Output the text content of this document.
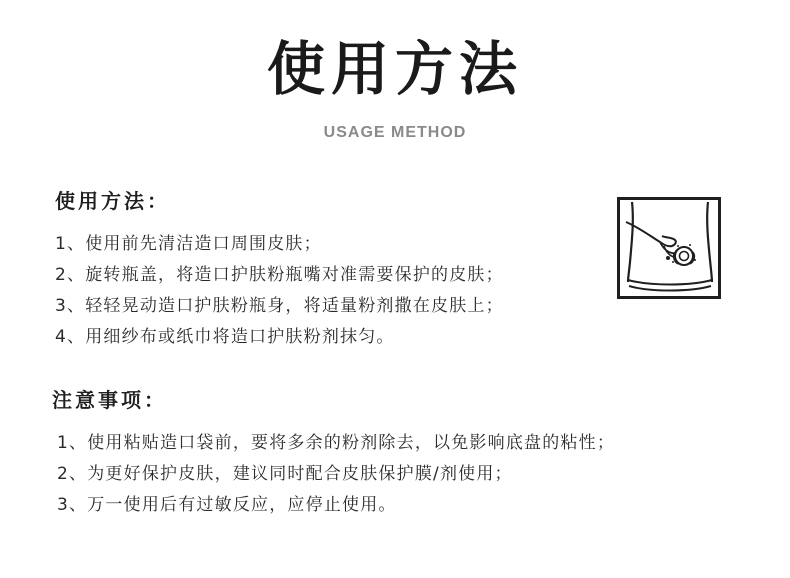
使用方法
USAGE METHOD
使用方法：
1、使用前先清洁造口周围皮肤；
2、旋转瓶盖，将造口护肤粉瓶嘴对准需要保护的皮肤；
3、轻轻晃动造口护肤粉瓶身，将适量粉剂撒在皮肤上；
4、用细纱布或纸巾将造口护肤粉剂抹匀。
注意事项：
1、使用粘贴造口袋前，要将多余的粉剂除去，以免影响底盘的粘性；
2、为更好保护皮肤，建议同时配合皮肤保护膜/剂使用；
3、万一使用后有过敏反应，应停止使用。
